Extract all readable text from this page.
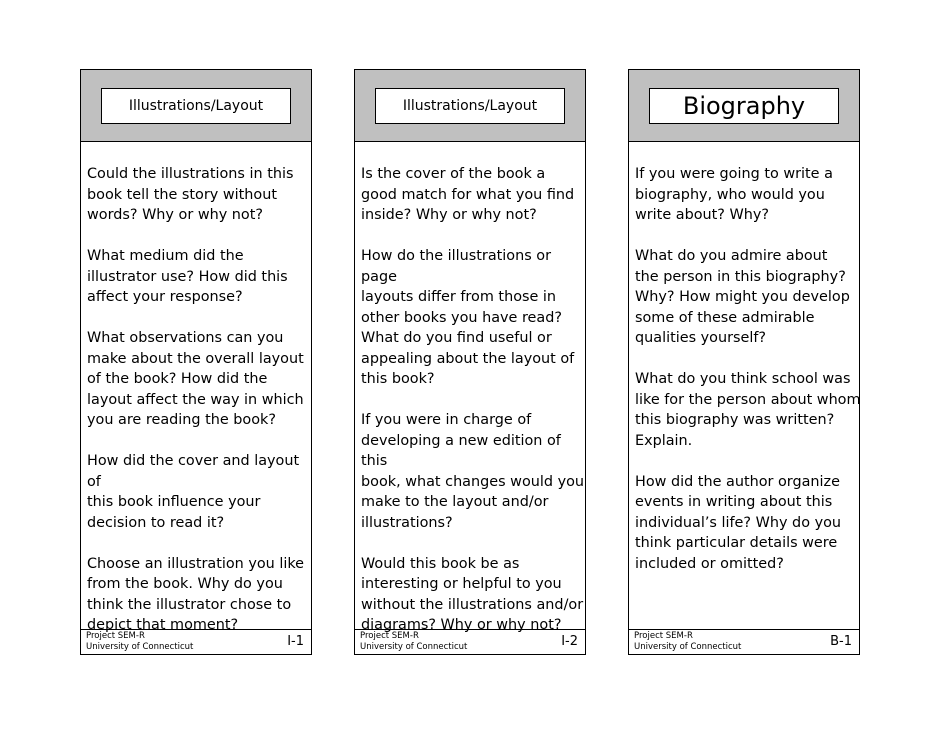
Illustrations/Layout

Could the illustrations in this
book tell the story without
words? Why or why not?

What medium did the
illustrator use? How did this
affect your response?

What observations can you
make about the overall layout
of the book? How did the
layout affect the way in which
you are reading the book?

How did the cover and layout of
this book influence your
decision to read it?

Choose an illustration you like
from the book. Why do you
think the illustrator chose to
depict that moment?

Project SEM-R
University of Connecticut	I-1
Illustrations/Layout

Is the cover of the book a
good match for what you find
inside? Why or why not?

How do the illustrations or page
layouts differ from those in
other books you have read?
What do you find useful or
appealing about the layout of
this book?

If you were in charge of
developing a new edition of this
book, what changes would you
make to the layout and/or
illustrations?

Would this book be as
interesting or helpful to you
without the illustrations and/or
diagrams? Why or why not?

Project SEM-R
University of Connecticut	I-2
Biography

If you were going to write a
biography, who would you
write about? Why?

What do you admire about
the person in this biography?
Why? How might you develop
some of these admirable
qualities yourself?

What do you think school was
like for the person about whom
this biography was written?
Explain.

How did the author organize
events in writing about this
individual’s life? Why do you
think particular details were
included or omitted?

Project SEM-R
University of Connecticut	B-1
